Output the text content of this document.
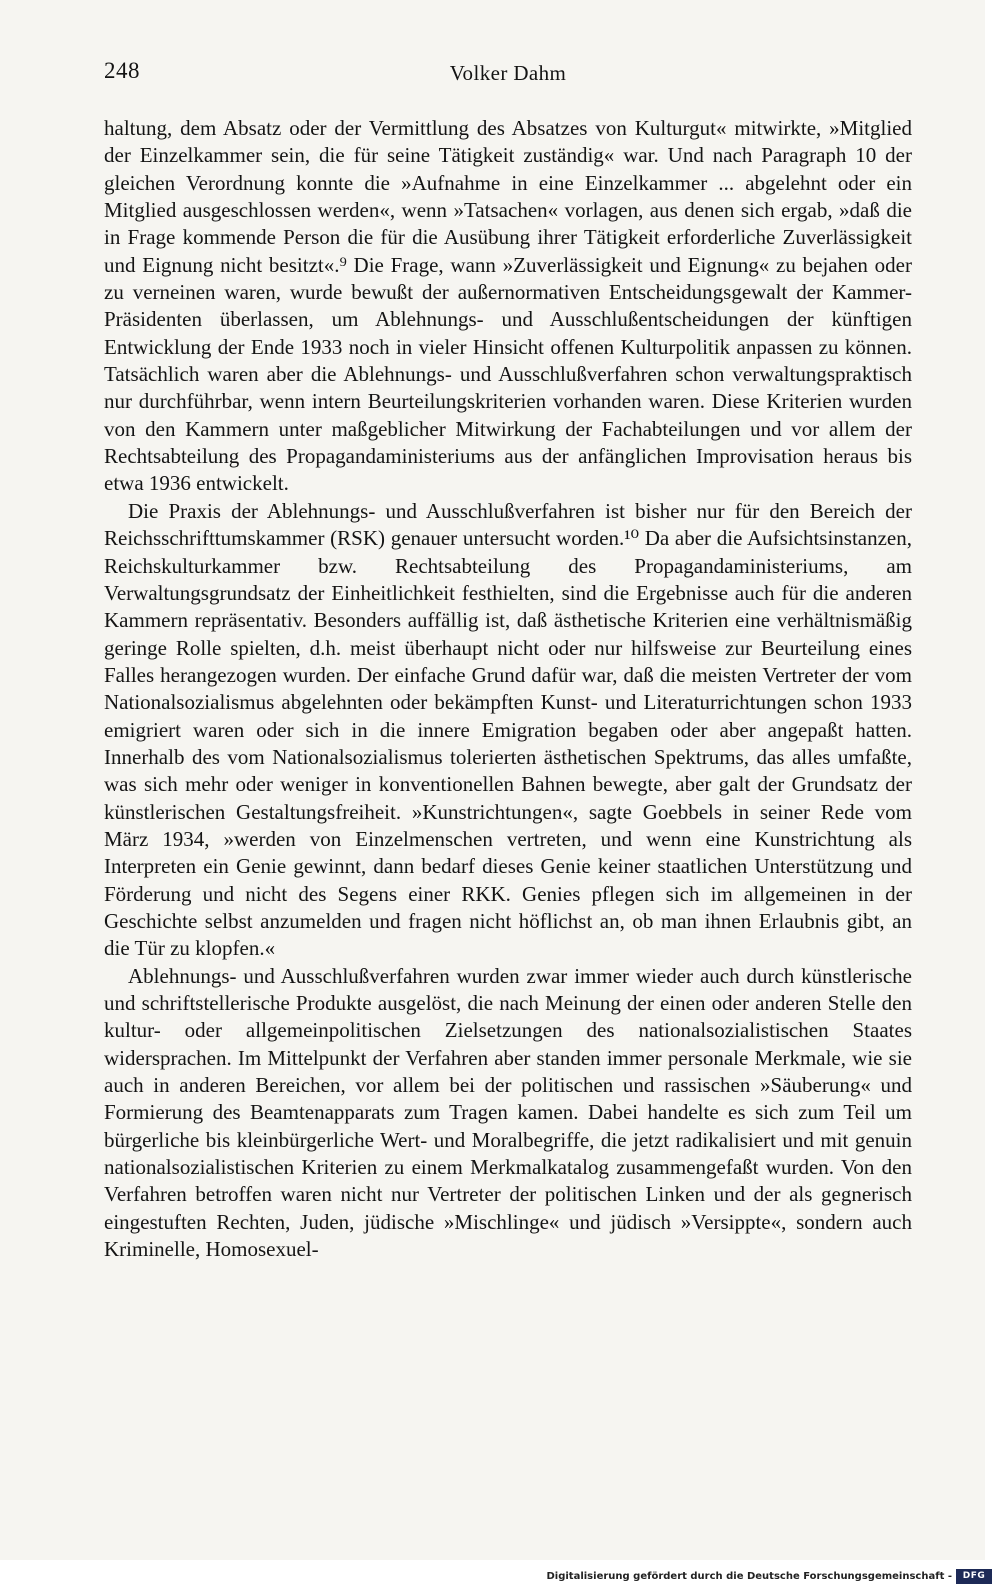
248	Volker Dahm

haltung, dem Absatz oder der Vermittlung des Absatzes von Kulturgut« mitwirkte, »Mitglied der Einzelkammer sein, die für seine Tätigkeit zuständig« war. Und nach Paragraph 10 der gleichen Verordnung konnte die »Aufnahme in eine Einzelkammer ... abgelehnt oder ein Mitglied ausgeschlossen werden«, wenn »Tatsachen« vorlagen, aus denen sich ergab, »daß die in Frage kommende Person die für die Ausübung ihrer Tätigkeit erforderliche Zuverlässigkeit und Eignung nicht besitzt«.⁹ Die Frage, wann »Zuverlässigkeit und Eignung« zu bejahen oder zu verneinen waren, wurde bewußt der außernormativen Entscheidungsgewalt der Kammer-Präsidenten überlassen, um Ablehnungs- und Ausschlußentscheidungen der künftigen Entwicklung der Ende 1933 noch in vieler Hinsicht offenen Kulturpolitik anpassen zu können. Tatsächlich waren aber die Ablehnungs- und Ausschlußverfahren schon verwaltungspraktisch nur durchführbar, wenn intern Beurteilungskriterien vorhanden waren. Diese Kriterien wurden von den Kammern unter maßgeblicher Mitwirkung der Fachabteilungen und vor allem der Rechtsabteilung des Propagandaministeriums aus der anfänglichen Improvisation heraus bis etwa 1936 entwickelt.

Die Praxis der Ablehnungs- und Ausschlußverfahren ist bisher nur für den Bereich der Reichsschrifttumskammer (RSK) genauer untersucht worden.¹⁰ Da aber die Aufsichtsinstanzen, Reichskulturkammer bzw. Rechtsabteilung des Propagandaministeriums, am Verwaltungsgrundsatz der Einheitlichkeit festhielten, sind die Ergebnisse auch für die anderen Kammern repräsentativ. Besonders auffällig ist, daß ästhetische Kriterien eine verhältnismäßig geringe Rolle spielten, d.h. meist überhaupt nicht oder nur hilfsweise zur Beurteilung eines Falles herangezogen wurden. Der einfache Grund dafür war, daß die meisten Vertreter der vom Nationalsozialismus abgelehnten oder bekämpften Kunst- und Literaturrichtungen schon 1933 emigriert waren oder sich in die innere Emigration begaben oder aber angepaßt hatten. Innerhalb des vom Nationalsozialismus tolerierten ästhetischen Spektrums, das alles umfaßte, was sich mehr oder weniger in konventionellen Bahnen bewegte, aber galt der Grundsatz der künstlerischen Gestaltungsfreiheit. »Kunstrichtungen«, sagte Goebbels in seiner Rede vom März 1934, »werden von Einzelmenschen vertreten, und wenn eine Kunstrichtung als Interpreten ein Genie gewinnt, dann bedarf dieses Genie keiner staatlichen Unterstützung und Förderung und nicht des Segens einer RKK. Genies pflegen sich im allgemeinen in der Geschichte selbst anzumelden und fragen nicht höflichst an, ob man ihnen Erlaubnis gibt, an die Tür zu klopfen.«

Ablehnungs- und Ausschlußverfahren wurden zwar immer wieder auch durch künstlerische und schriftstellerische Produkte ausgelöst, die nach Meinung der einen oder anderen Stelle den kultur- oder allgemeinpolitischen Zielsetzungen des nationalsozialistischen Staates widersprachen. Im Mittelpunkt der Verfahren aber standen immer personale Merkmale, wie sie auch in anderen Bereichen, vor allem bei der politischen und rassischen »Säuberung« und Formierung des Beamtenapparats zum Tragen kamen. Dabei handelte es sich zum Teil um bürgerliche bis kleinbürgerliche Wert- und Moralbegriffe, die jetzt radikalisiert und mit genuin nationalsozialistischen Kriterien zu einem Merkmalkatalog zusammengefaßt wurden. Von den Verfahren betroffen waren nicht nur Vertreter der politischen Linken und der als gegnerisch eingestuften Rechten, Juden, jüdische »Mischlinge« und jüdisch »Versippte«, sondern auch Kriminelle, Homosexuel-

Digitalisierung gefördert durch die Deutsche Forschungsgemeinschaft -	DFG
